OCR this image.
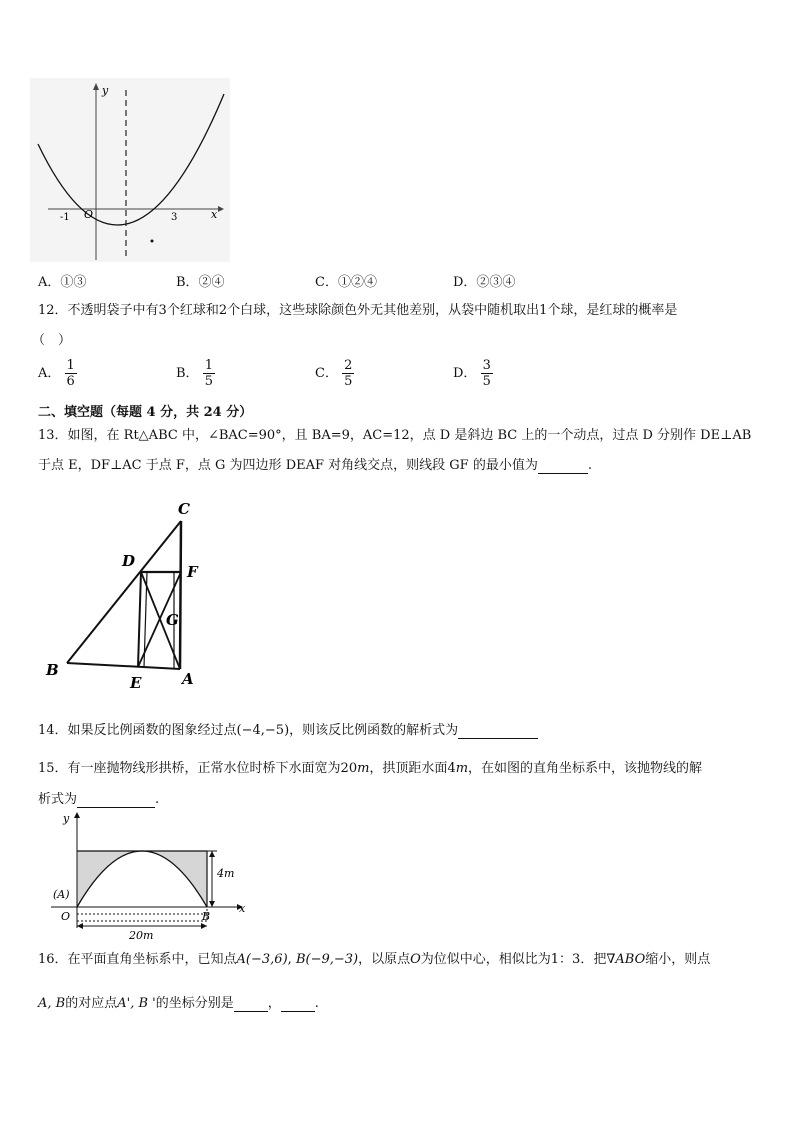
y
x
-1 O	3
A．①③	B．②④	C．①②④	D．②③④
12．不透明袋子中有3个红球和2个白球，这些球除颜色外无其他差别，从袋中随机取出1个球，是红球的概率是
（　）
A． $\frac{1}{6}$	B． $\frac{1}{5}$	C． $\frac{2}{5}$	D． $\frac{3}{5}$
二、填空题（每题 4 分，共 24 分）
13．如图，在 Rt△ABC 中，∠BAC=90°，且 BA=9，AC=12，点 D 是斜边 BC 上的一个动点，过点 D 分别作 DE⊥AB
于点 E，DF⊥AC 于点 F，点 G 为四边形 DEAF 对角线交点，则线段 GF 的最小值为	.
C
D
F
G
B
E	A
14．如果反比例函数的图象经过点(−4,−5)，则该反比例函数的解析式为
15．有一座抛物线形拱桥，正常水位时桥下水面宽为20m，拱顶距水面4m，在如图的直角坐标系中，该抛物线的解
析式为	.
y
x
(A)
O	B
4m
20m
16．在平面直角坐标系中，已知点A(−3,6), B(−9,−3)，以原点O为位似中心，相似比为1：3．把∇ABO缩小，则点
A, B的对应点A', B '的坐标分别是	，	.
